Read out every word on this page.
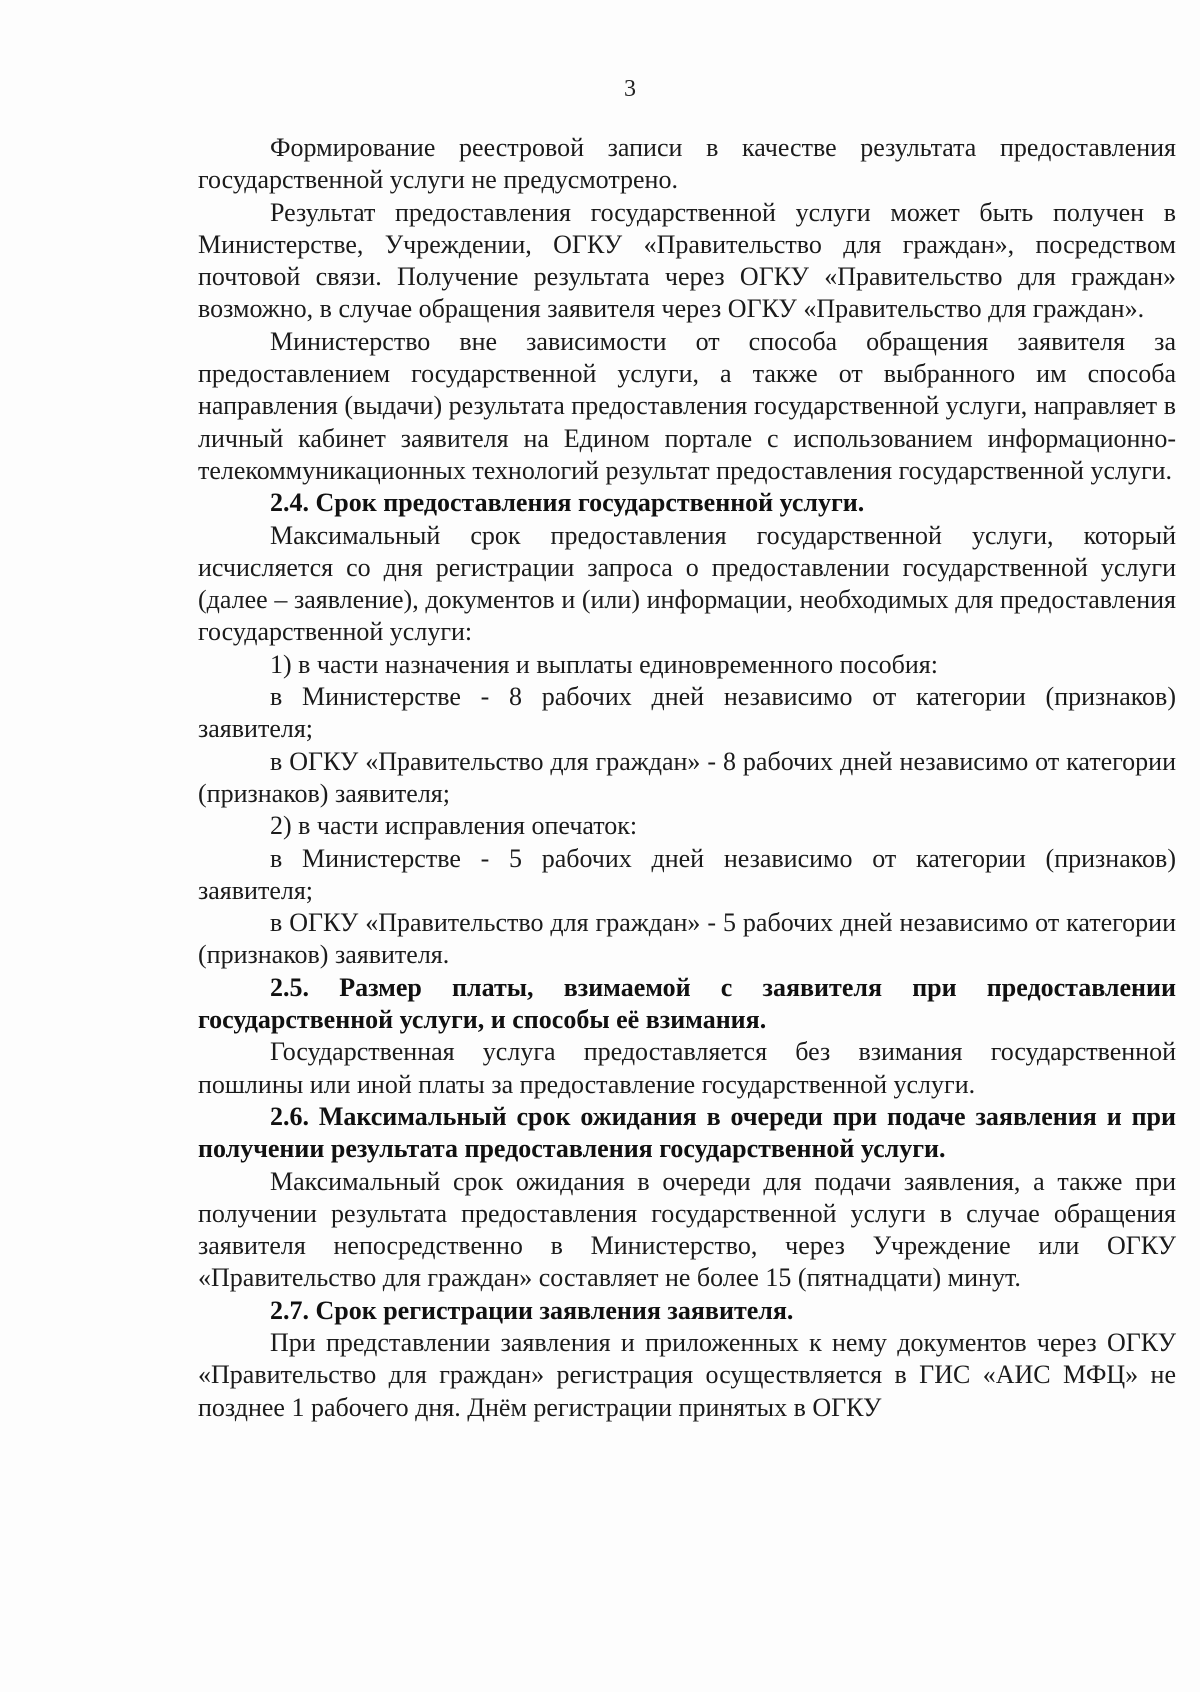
3

Формирование реестровой записи в качестве результата предоставления государственной услуги не предусмотрено.

Результат предоставления государственной услуги может быть получен в Министерстве, Учреждении, ОГКУ «Правительство для граждан», посредством почтовой связи. Получение результата через ОГКУ «Правительство для граждан» возможно, в случае обращения заявителя через ОГКУ «Правительство для граждан».

Министерство вне зависимости от способа обращения заявителя за предоставлением государственной услуги, а также от выбранного им способа направления (выдачи) результата предоставления государственной услуги, направляет в личный кабинет заявителя на Едином портале с использованием информационно-телекоммуникационных технологий результат предоставления государственной услуги.

2.4. Срок предоставления государственной услуги.

Максимальный срок предоставления государственной услуги, который исчисляется со дня регистрации запроса о предоставлении государственной услуги (далее – заявление), документов и (или) информации, необходимых для предоставления государственной услуги:

1) в части назначения и выплаты единовременного пособия:

в Министерстве - 8 рабочих дней независимо от категории (признаков) заявителя;

в ОГКУ «Правительство для граждан» - 8 рабочих дней независимо от категории (признаков) заявителя;

2) в части исправления опечаток:

в Министерстве - 5 рабочих дней независимо от категории (признаков) заявителя;

в ОГКУ «Правительство для граждан» - 5 рабочих дней независимо от категории (признаков) заявителя.

2.5. Размер платы, взимаемой с заявителя при предоставлении государственной услуги, и способы её взимания.

Государственная услуга предоставляется без взимания государственной пошлины или иной платы за предоставление государственной услуги.

2.6. Максимальный срок ожидания в очереди при подаче заявления и при получении результата предоставления государственной услуги.

Максимальный срок ожидания в очереди для подачи заявления, а также при получении результата предоставления государственной услуги в случае обращения заявителя непосредственно в Министерство, через Учреждение или ОГКУ «Правительство для граждан» составляет не более 15 (пятнадцати) минут.

2.7. Срок регистрации заявления заявителя.

При представлении заявления и приложенных к нему документов через ОГКУ «Правительство для граждан» регистрация осуществляется в ГИС «АИС МФЦ» не позднее 1 рабочего дня. Днём регистрации принятых в ОГКУ
